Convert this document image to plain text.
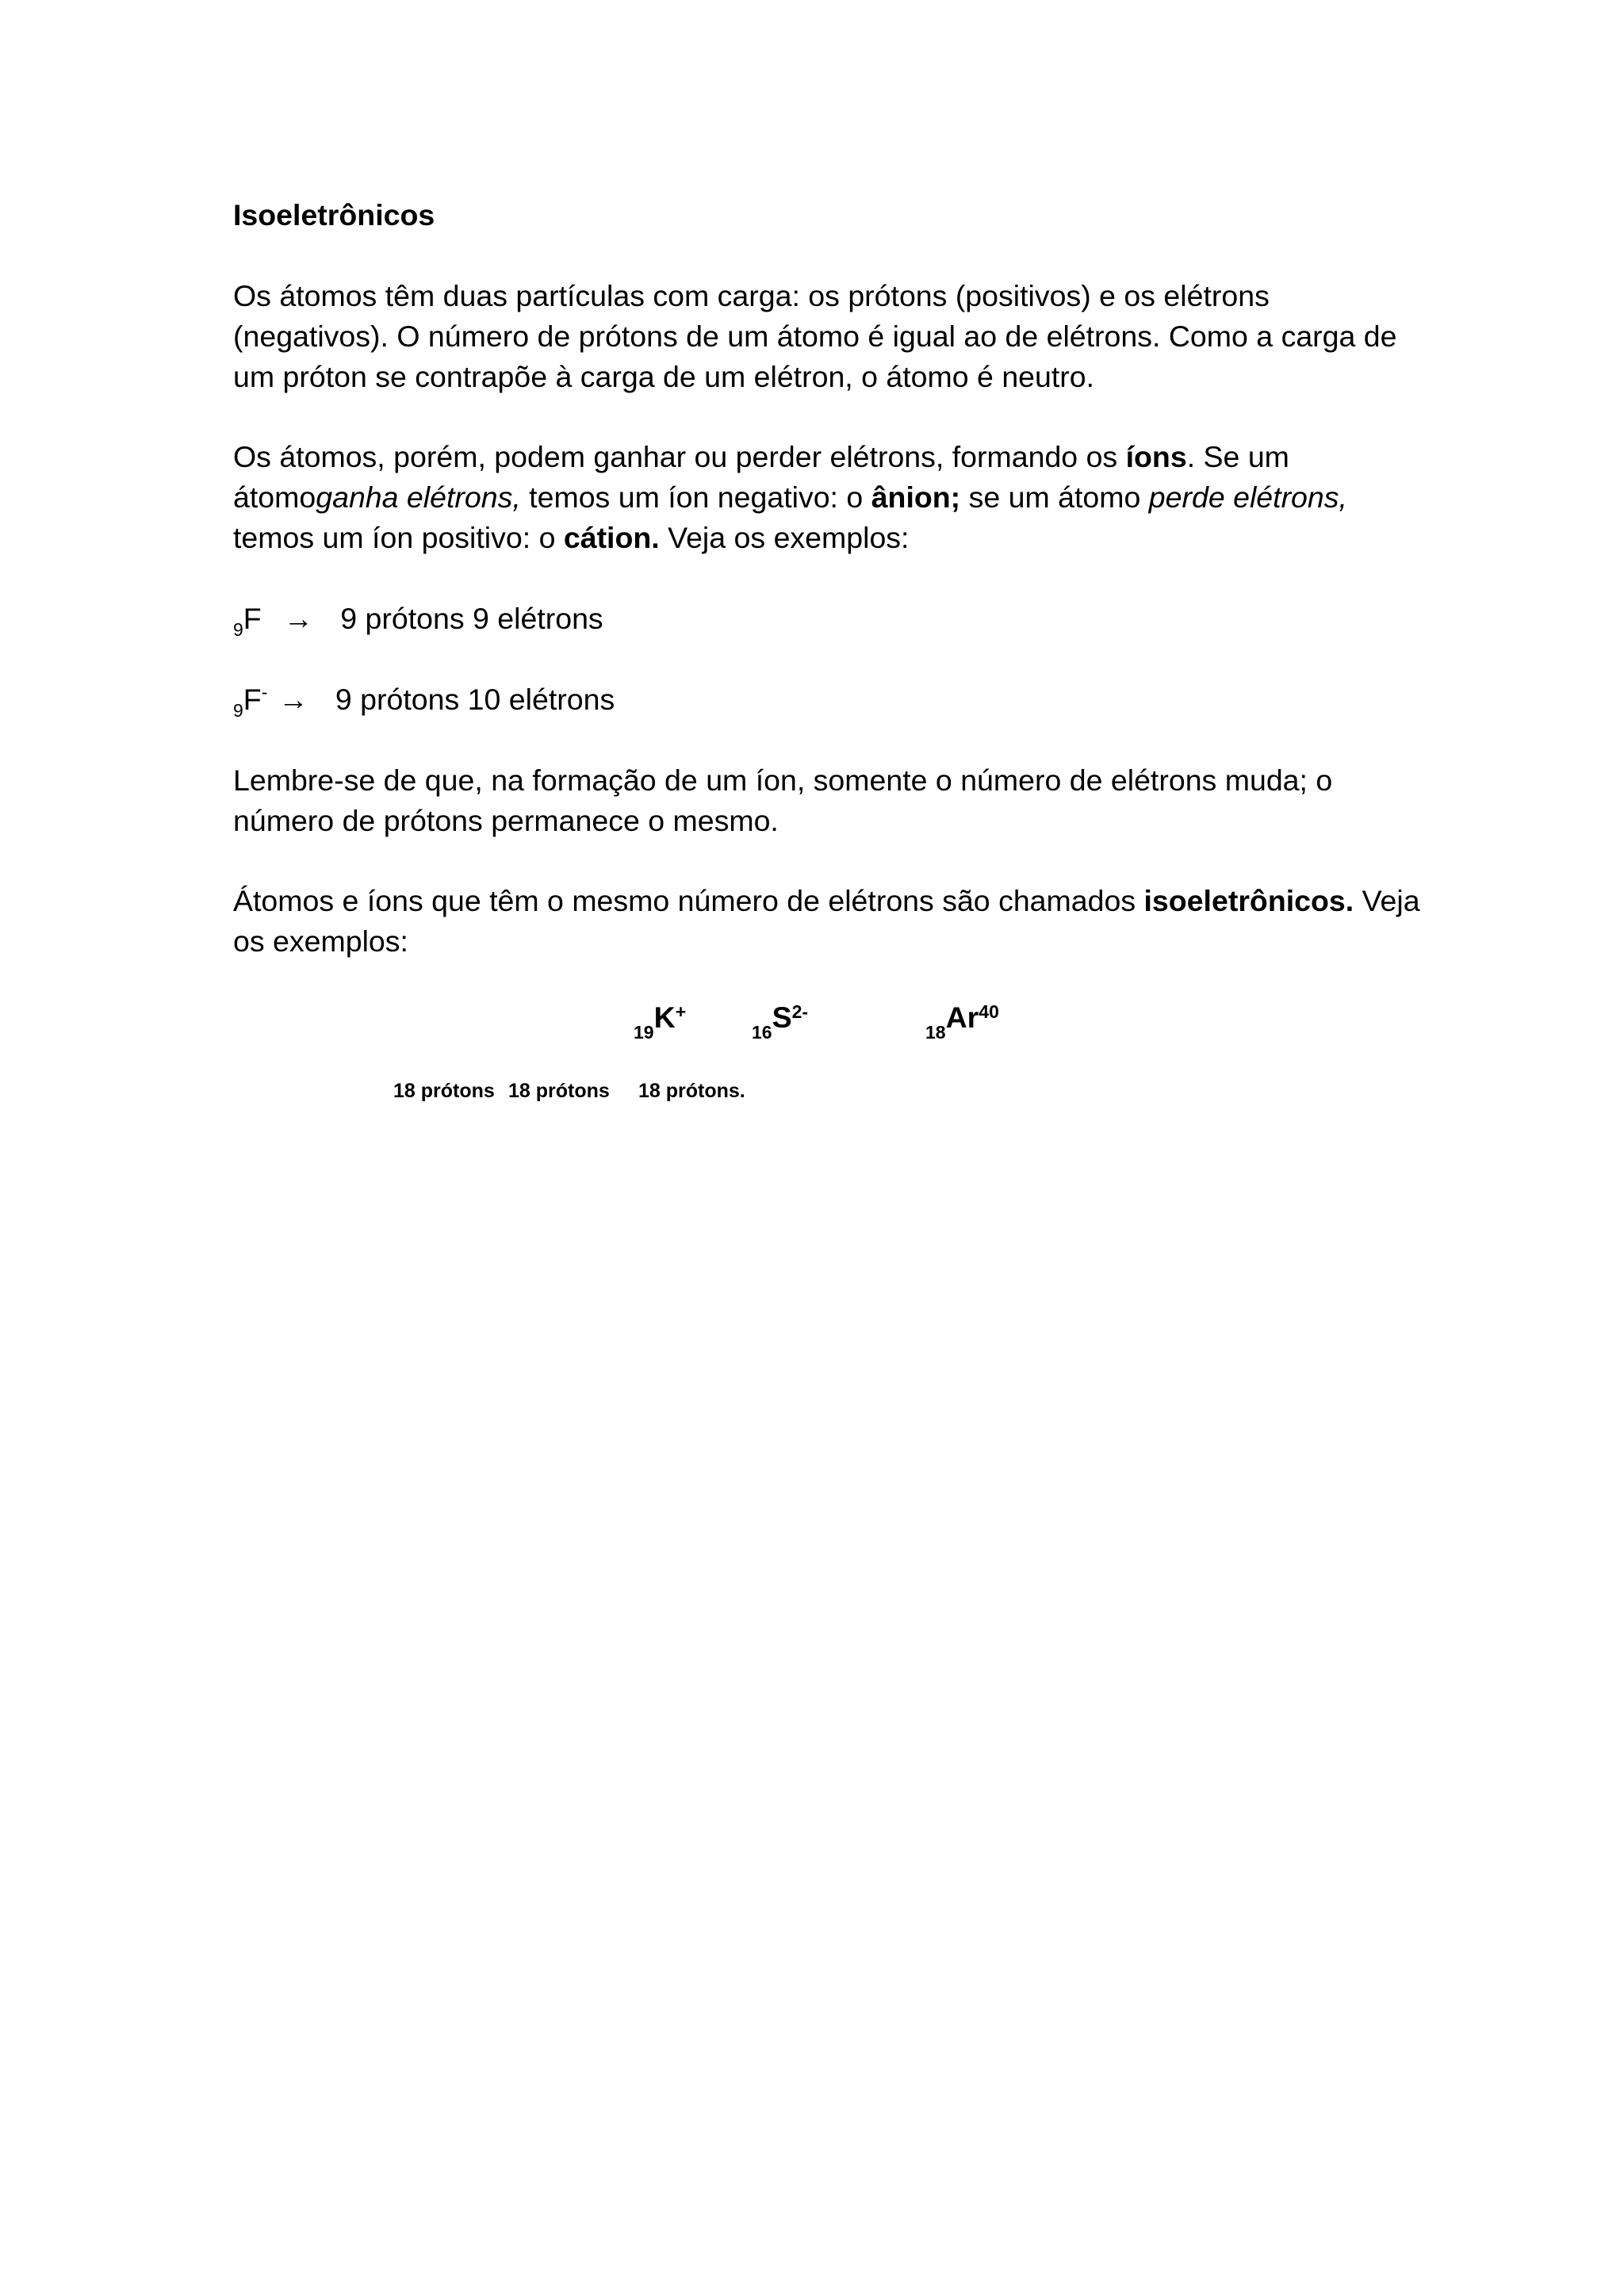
Isoeletrônicos

Os átomos têm duas partículas com carga: os prótons (positivos) e os elétrons (negativos). O número de prótons de um átomo é igual ao de elétrons. Como a carga de um próton se contrapõe à carga de um elétron, o átomo é neutro.

Os átomos, porém, podem ganhar ou perder elétrons, formando os íons. Se um átomoganha elétrons, temos um íon negativo: o ânion; se um átomo perde elétrons, temos um íon positivo: o cátion. Veja os exemplos:

$_9$F → 9 prótons 9 elétrons

$_9$F- → 9 prótons 10 elétrons

Lembre-se de que, na formação de um íon, somente o número de elétrons muda; o número de prótons permanece o mesmo.

Átomos e íons que têm o mesmo número de elétrons são chamados isoeletrônicos. Veja os exemplos:

$_{19}$K+
$_{16}S^{2-}$
$_{18}Ar^{40}$
18 prótons 18 prótons 18 prótons.
